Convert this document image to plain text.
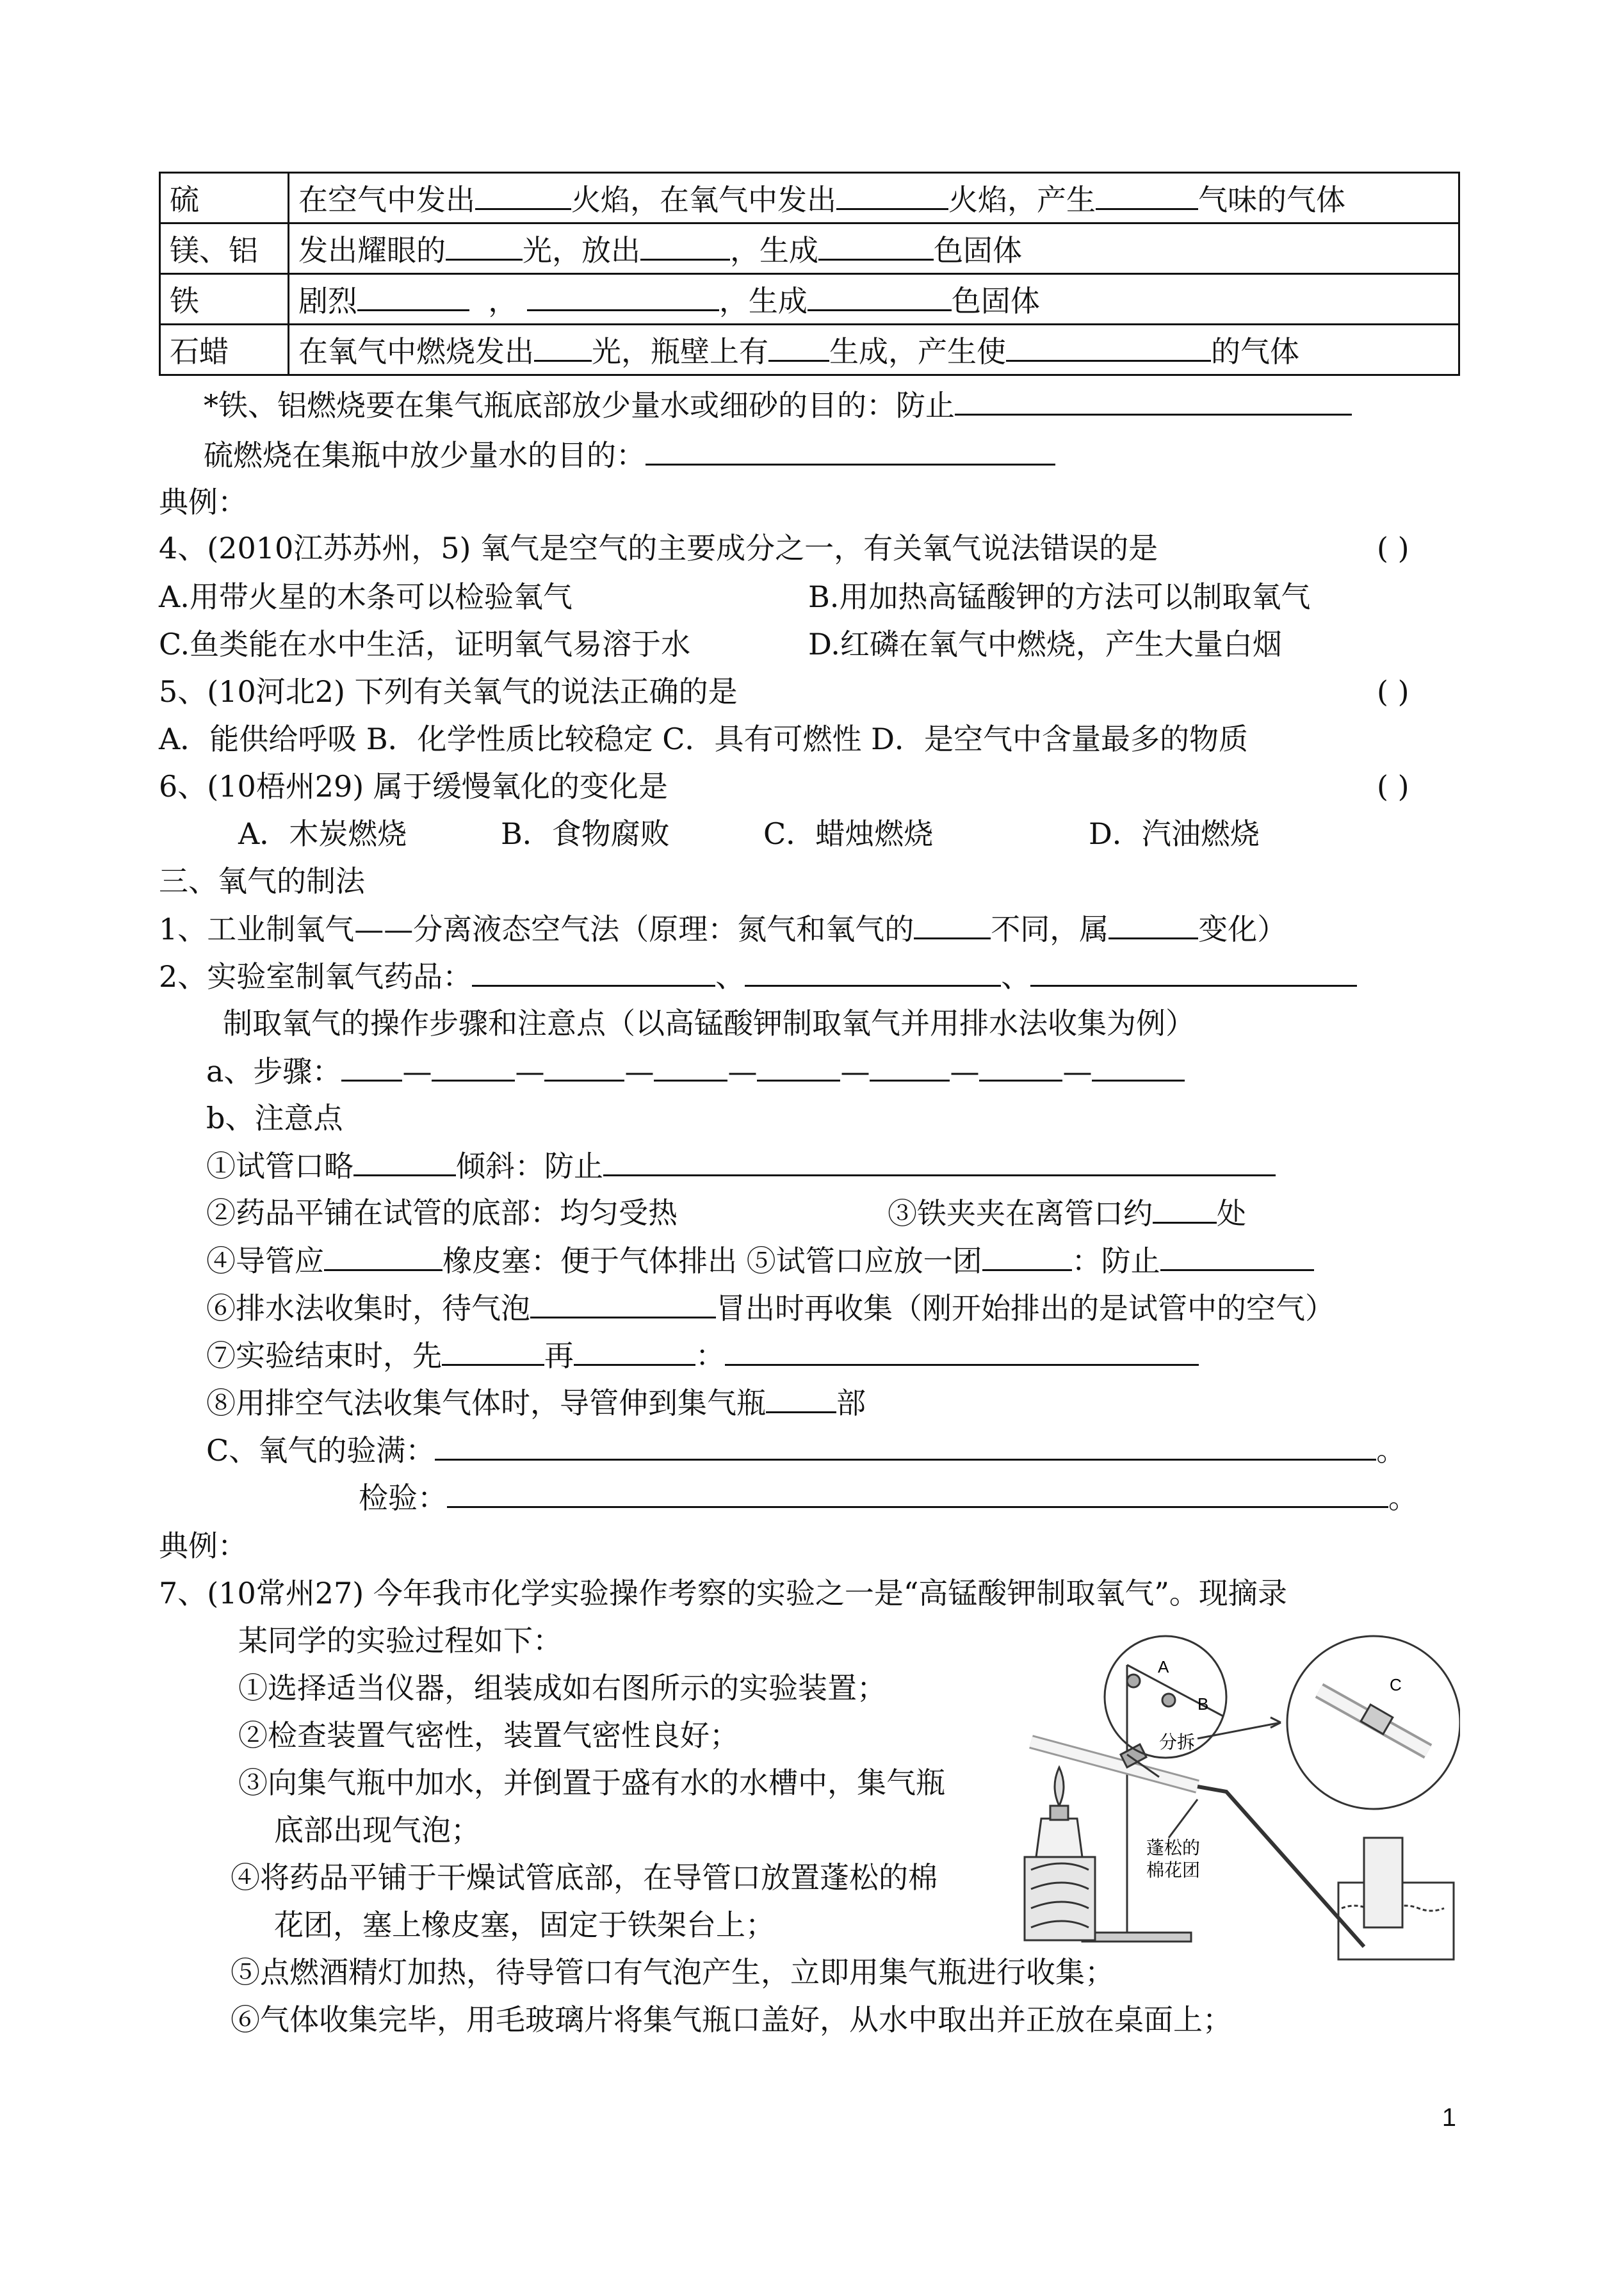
硫	在空气中发出 火焰，在氧气中发出 火焰，产生 气味的气体
镁、铝	发出耀眼的 光，放出 ，生成 色固体
铁	剧烈 ， ，生成 色固体
石蜡	在氧气中燃烧发出 光，瓶壁上有 生成，产生使 的气体
*铁、铝燃烧要在集气瓶底部放少量水或细砂的目的：防止
硫燃烧在集瓶中放少量水的目的：
典例：
4、(2010江苏苏州，5) 氧气是空气的主要成分之一，有关氧气说法错误的是	( )
A.用带火星的木条可以检验氧气	B.用加热高锰酸钾的方法可以制取氧气
C.鱼类能在水中生活，证明氧气易溶于水	D.红磷在氧气中燃烧，产生大量白烟
5、(10河北2) 下列有关氧气的说法正确的是	( )
A．能供给呼吸 B．化学性质比较稳定 C．具有可燃性 D．是空气中含量最多的物质
6、(10梧州29) 属于缓慢氧化的变化是	( )
A．木炭燃烧	B．食物腐败	C．蜡烛燃烧	D．汽油燃烧
三、氧气的制法
1、工业制氧气——分离液态空气法（原理：氮气和氧气的	不同，属	变化）
2、实验室制氧气药品：	、	、
制取氧气的操作步骤和注意点（以高锰酸钾制取氧气并用排水法收集为例）
a、步骤： —	—	—	—	—	—	—
b、注意点
①试管口略	倾斜：防止
②药品平铺在试管的底部：均匀受热	③铁夹夹在离管口约 处
④导管应	橡皮塞：便于气体排出 ⑤试管口应放一团	：防止
⑥排水法收集时，待气泡	冒出时再收集（刚开始排出的是试管中的空气）
⑦实验结束时，先	再	：
⑧用排空气法收集气体时，导管伸到集气瓶 部
C、氧气的验满：	。
检验：	。
典例：
7、(10常州27) 今年我市化学实验操作考察的实验之一是“高锰酸钾制取氧气”。现摘录
某同学的实验过程如下：
①选择适当仪器，组装成如右图所示的实验装置；
②检查装置气密性，装置气密性良好；
③向集气瓶中加水，并倒置于盛有水的水槽中，集气瓶
底部出现气泡；
④将药品平铺于干燥试管底部，在导管口放置蓬松的棉
花团，塞上橡皮塞，固定于铁架台上；
⑤点燃酒精灯加热，待导管口有气泡产生，立即用集气瓶进行收集；
⑥气体收集完毕，用毛玻璃片将集气瓶口盖好，从水中取出并正放在桌面上；
A
B
C
分拆
蓬松的
棉花团
1
